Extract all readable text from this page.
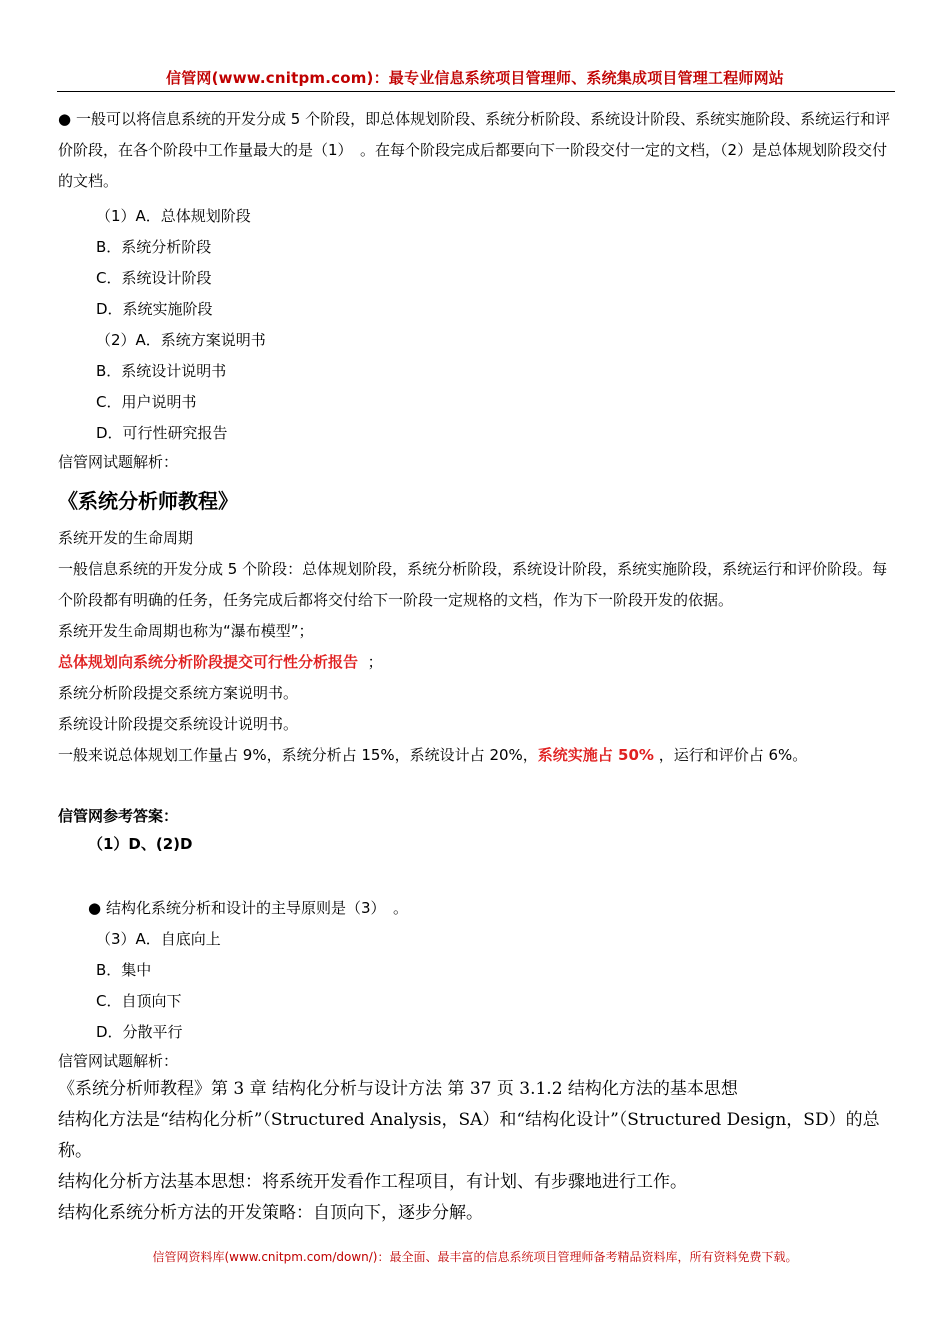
信管网(www.cnitpm.com)：最专业信息系统项目管理师、系统集成项目管理工程师网站

● 一般可以将信息系统的开发分成 5 个阶段，即总体规划阶段、系统分析阶段、系统设计阶段、系统实施阶段、系统运行和评价阶段，在各个阶段中工作量最大的是（1）　。在每个阶段完成后都要向下一阶段交付一定的文档，（2）是总体规划阶段交付的文档。

（1）A．总体规划阶段
B．系统分析阶段
C．系统设计阶段
D．系统实施阶段
（2）A．系统方案说明书
B．系统设计说明书
C．用户说明书
D．可行性研究报告
信管网试题解析：
《系统分析师教程》
系统开发的生命周期
一般信息系统的开发分成 5 个阶段：总体规划阶段，系统分析阶段，系统设计阶段，系统实施阶段，系统运行和评价阶段。每个阶段都有明确的任务，任务完成后都将交付给下一阶段一定规格的文档，作为下一阶段开发的依据。
系统开发生命周期也称为“瀑布模型”；
总体规划向系统分析阶段提交可行性分析报告 ；
系统分析阶段提交系统方案说明书。
系统设计阶段提交系统设计说明书。
一般来说总体规划工作量占 9%，系统分析占 15%，系统设计占 20%，系统实施占 50% ，运行和评价占 6%。
信管网参考答案：
（1）D、(2)D

● 结构化系统分析和设计的主导原则是（3）　。

（3）A．自底向上
B．集中
C．自顶向下
D．分散平行
信管网试题解析：
《系统分析师教程》第 3 章 结构化分析与设计方法 第 37 页 3.1.2 结构化方法的基本思想
结构化方法是“结构化分析”（Structured Analysis，SA）和“结构化设计”（Structured Design，SD）的总称。
结构化分析方法基本思想：将系统开发看作工程项目，有计划、有步骤地进行工作。
结构化系统分析方法的开发策略：自顶向下，逐步分解。
信管网资料库(www.cnitpm.com/down/)：最全面、最丰富的信息系统项目管理师备考精品资料库，所有资料免费下载。
